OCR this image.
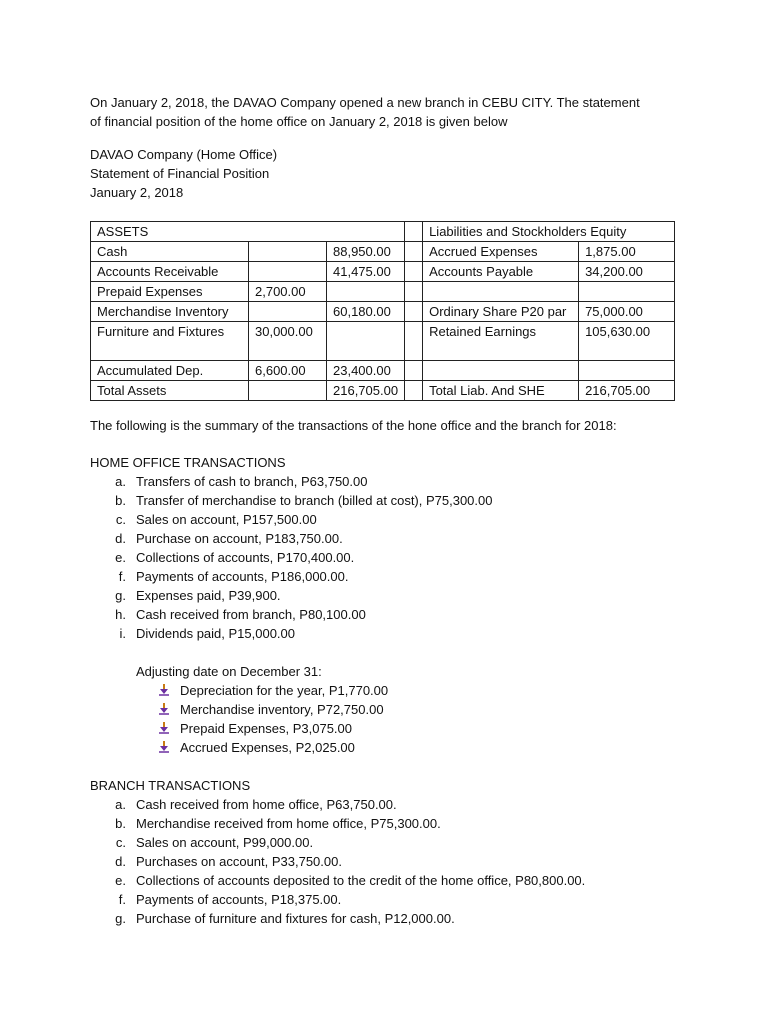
On January 2, 2018, the DAVAO Company opened a new branch in CEBU CITY. The statement
of financial position of the home office on January 2, 2018 is given below
DAVAO Company (Home Office)
Statement of Financial Position
January 2, 2018
ASSETS				Liabilities and Stockholders Equity	
Cash		88,950.00		Accrued Expenses	1,875.00
Accounts Receivable		41,475.00		Accounts Payable	34,200.00
Prepaid Expenses	2,700.00				
Merchandise Inventory		60,180.00		Ordinary Share P20 par	75,000.00
Furniture and Fixtures	30,000.00			Retained Earnings	105,630.00
Accumulated Dep.	6,600.00	23,400.00			
Total Assets		216,705.00		Total Liab. And SHE	216,705.00
The following is the summary of the transactions of the hone office and the branch for 2018:
HOME OFFICE TRANSACTIONS
a. Transfers of cash to branch, P63,750.00
b. Transfer of merchandise to branch (billed at cost), P75,300.00
c. Sales on account, P157,500.00
d. Purchase on account, P183,750.00.
e. Collections of accounts, P170,400.00.
f. Payments of accounts, P186,000.00.
g. Expenses paid, P39,900.
h. Cash received from branch, P80,100.00
i. Dividends paid, P15,000.00
Adjusting date on December 31:
Depreciation for the year, P1,770.00
Merchandise inventory, P72,750.00
Prepaid Expenses, P3,075.00
Accrued Expenses, P2,025.00
BRANCH TRANSACTIONS
a. Cash received from home office, P63,750.00.
b. Merchandise received from home office, P75,300.00.
c. Sales on account, P99,000.00.
d. Purchases on account, P33,750.00.
e. Collections of accounts deposited to the credit of the home office, P80,800.00.
f. Payments of accounts, P18,375.00.
g. Purchase of furniture and fixtures for cash, P12,000.00.
